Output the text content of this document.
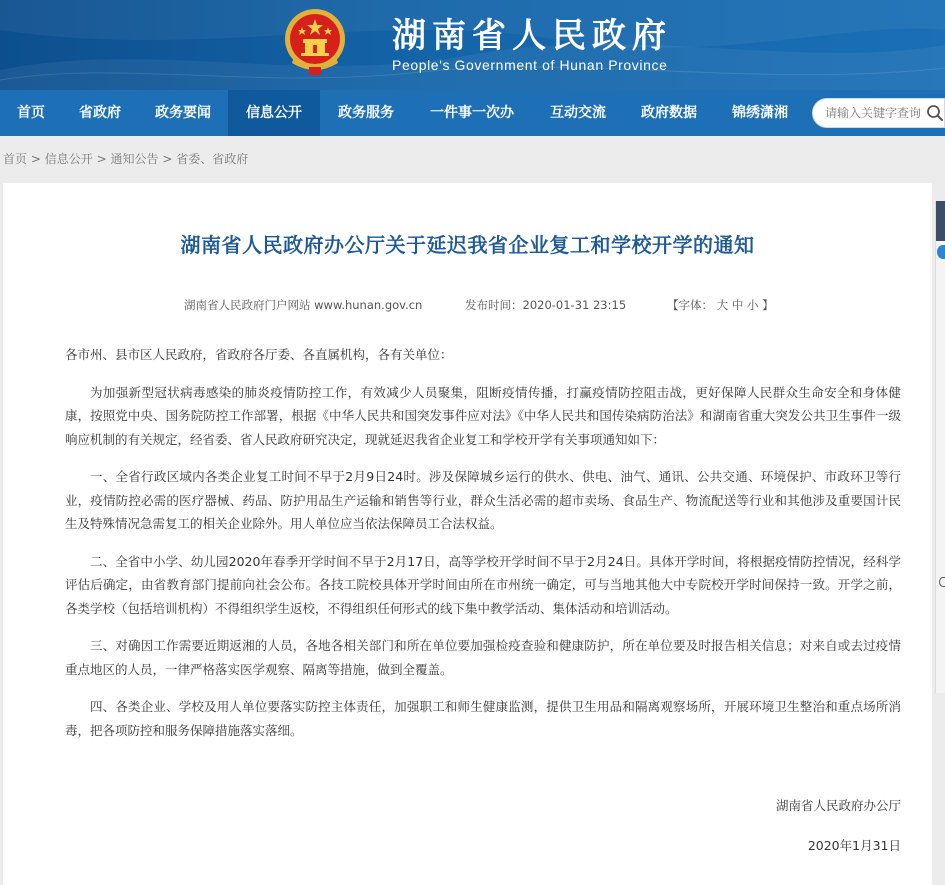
湖南省人民政府
People's Government of Hunan Province
首页	省政府	政务要闻	信息公开	政务服务	一件事一次办	互动交流	政府数据	锦绣潇湘
请输入关键字查询
首页 > 信息公开 > 通知公告 > 省委、省政府
湖南省人民政府办公厅关于延迟我省企业复工和学校开学的通知
湖南省人民政府门户网站 www.hunan.gov.cn	发布时间：2020-01-31 23:15	【字体： 大 中 小 】

各市州、县市区人民政府，省政府各厅委、各直属机构，各有关单位：

为加强新型冠状病毒感染的肺炎疫情防控工作，有效减少人员聚集，阻断疫情传播，打赢疫情防控阻击战，更好保障人民群众生命安全和身体健康，按照党中央、国务院防控工作部署，根据《中华人民共和国突发事件应对法》《中华人民共和国传染病防治法》和湖南省重大突发公共卫生事件一级响应机制的有关规定，经省委、省人民政府研究决定，现就延迟我省企业复工和学校开学有关事项通知如下：

一、全省行政区域内各类企业复工时间不早于2月9日24时。涉及保障城乡运行的供水、供电、油气、通讯、公共交通、环境保护、市政环卫等行业，疫情防控必需的医疗器械、药品、防护用品生产运输和销售等行业，群众生活必需的超市卖场、食品生产、物流配送等行业和其他涉及重要国计民生及特殊情况急需复工的相关企业除外。用人单位应当依法保障员工合法权益。

二、全省中小学、幼儿园2020年春季开学时间不早于2月17日，高等学校开学时间不早于2月24日。具体开学时间，将根据疫情防控情况，经科学评估后确定，由省教育部门提前向社会公布。各技工院校具体开学时间由所在市州统一确定，可与当地其他大中专院校开学时间保持一致。开学之前，各类学校（包括培训机构）不得组织学生返校，不得组织任何形式的线下集中教学活动、集体活动和培训活动。

三、对确因工作需要近期返湘的人员，各地各相关部门和所在单位要加强检疫查验和健康防护，所在单位要及时报告相关信息；对来自或去过疫情重点地区的人员，一律严格落实医学观察、隔离等措施，做到全覆盖。

四、各类企业、学校及用人单位要落实防控主体责任，加强职工和师生健康监测，提供卫生用品和隔离观察场所，开展环境卫生整治和重点场所消毒，把各项防控和服务保障措施落实落细。

湖南省人民政府办公厅
2020年1月31日
